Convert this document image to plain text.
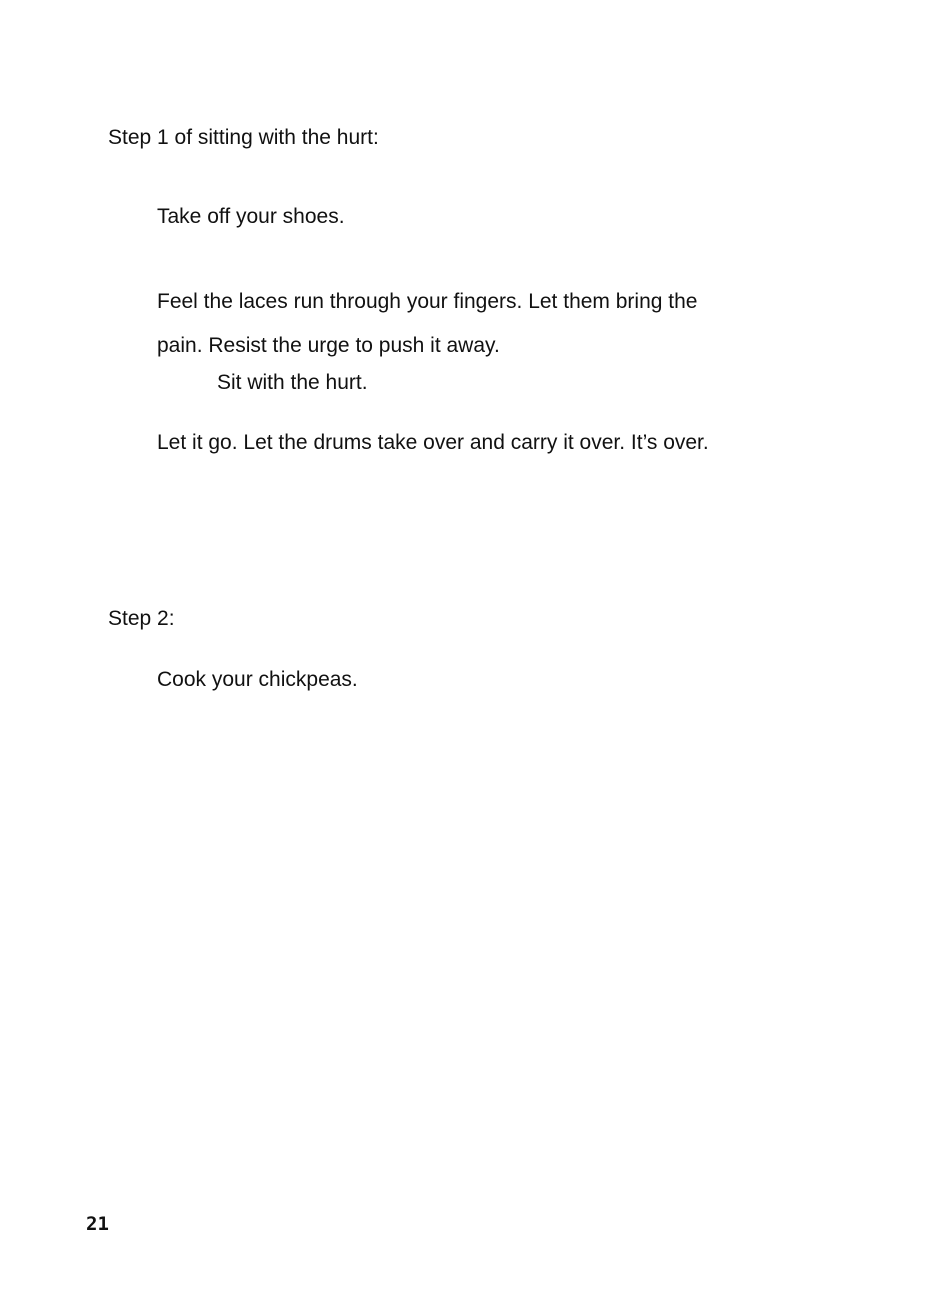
Step 1 of sitting with the hurt:

Take off your shoes.

Feel the laces run through your fingers. Let them bring the

pain. Resist the urge to push it away.

Sit with the hurt.

Let it go. Let the drums take over and carry it over. It’s over.

Step 2:

Cook your chickpeas.

21
